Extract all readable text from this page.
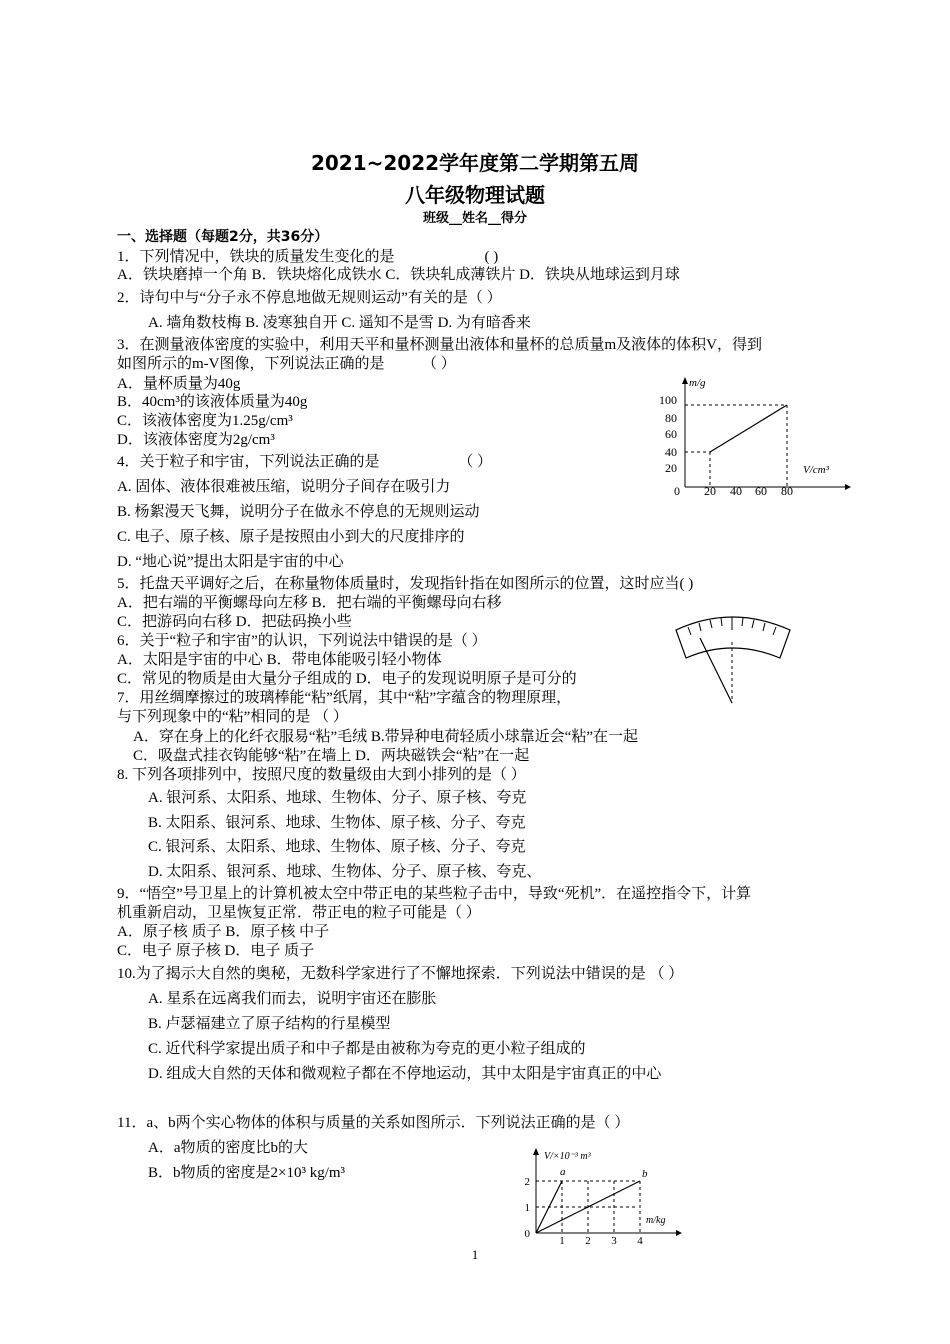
2021~2022学年度第二学期第五周
八年级物理试题
班级__姓名__得分
一、选择题（每题2分，共36分）
1．下列情况中，铁块的质量发生变化的是　　　　　　( )
A．铁块磨掉一个角 B．铁块熔化成铁水 C．铁块轧成薄铁片 D．铁块从地球运到月球
2．诗句中与“分子永不停息地做无规则运动”有关的是（ ）
A. 墙角数枝梅 B. 凌寒独自开 C. 遥知不是雪 D. 为有暗香来
3．在测量液体密度的实验中，利用天平和量杯测量出液体和量杯的总质量m及液体的体积V，得到
如图所示的m-V图像，下列说法正确的是　　　（ ）
A．量杯质量为40g
B．40cm³的该液体质量为40g
C．该液体密度为1.25g/cm³
D．该液体密度为2g/cm³
4．关于粒子和宇宙，下列说法正确的是　　　　　 （ ）
A. 固体、液体很难被压缩，说明分子间存在吸引力
B. 杨絮漫天飞舞，说明分子在做永不停息的无规则运动
C. 电子、原子核、原子是按照由小到大的尺度排序的
D. “地心说”提出太阳是宇宙的中心
5．托盘天平调好之后，在称量物体质量时，发现指针指在如图所示的位置，这时应当( )
A．把右端的平衡螺母向左移 B．把右端的平衡螺母向右移
C．把游码向右移 D．把砝码换小些
6．关于“粒子和宇宙”的认识，下列说法中错误的是（ ）
A．太阳是宇宙的中心 B．带电体能吸引轻小物体
C．常见的物质是由大量分子组成的 D．电子的发现说明原子是可分的
7．用丝绸摩擦过的玻璃棒能“粘”纸屑，其中“粘”字蕴含的物理原理，
与下列现象中的“粘”相同的是 （ ）
A．穿在身上的化纤衣服易“粘”毛绒 B.带异种电荷轻质小球靠近会“粘”在一起
C．吸盘式挂衣钩能够“粘”在墙上 D．两块磁铁会“粘”在一起
8. 下列各项排列中，按照尺度的数量级由大到小排列的是（ ）
A. 银河系、太阳系、地球、生物体、分子、原子核、夸克
B. 太阳系、银河系、地球、生物体、原子核、分子、夸克
C. 银河系、太阳系、地球、生物体、原子核、分子、夸克
D. 太阳系、银河系、地球、生物体、分子、原子核、夸克、
9．“悟空”号卫星上的计算机被太空中带正电的某些粒子击中，导致“死机”．在遥控指令下，计算
机重新启动，卫星恢复正常．带正电的粒子可能是（ ）
A．原子核 质子 B．原子核 中子
C．电子 原子核 D．电子 质子
10.为了揭示大自然的奥秘，无数科学家进行了不懈地探索．下列说法中错误的是 （ ）
A. 星系在远离我们而去，说明宇宙还在膨胀
B. 卢瑟福建立了原子结构的行星模型
C. 近代科学家提出质子和中子都是由被称为夸克的更小粒子组成的
D. 组成大自然的天体和微观粒子都在不停地运动，其中太阳是宇宙真正的中心
11．a、b两个实心物体的体积与质量的关系如图所示．下列说法正确的是（ ）
A．a物质的密度比b的大
B．b物质的密度是2×10³ kg/m³
m/g
V/cm³
100
80
60
40
20
0 20 40 60 80
V/×10⁻³ m³
m/kg
a	b
2
1
0
1 2 3 4
1
